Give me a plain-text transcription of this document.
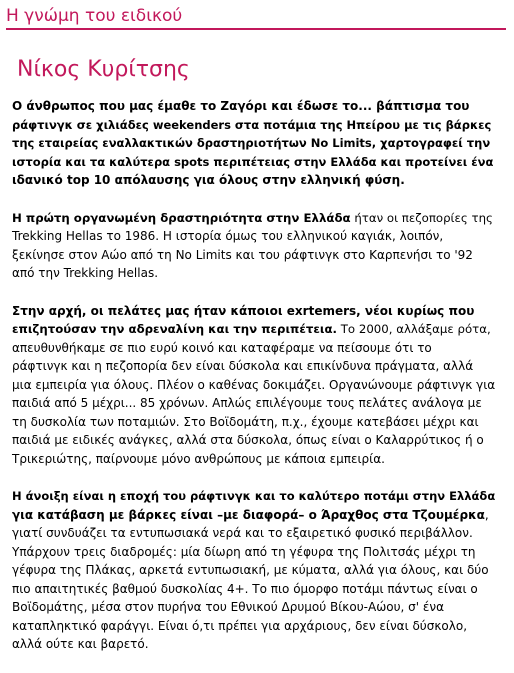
Η γνώμη του ειδικού
Νίκος Κυρίτσης

Ο άνθρωπος που μας έμαθε το Ζαγόρι και έδωσε το... βάπτισμα του
ράφτινγκ σε χιλιάδες weekenders στα ποτάμια της Ηπείρου με τις βάρκες
της εταιρείας εναλλακτικών δραστηριοτήτων No Limits, χαρτογραφεί την
ιστορία και τα καλύτερα spots περιπέτειας στην Ελλάδα και προτείνει ένα
ιδανικό top 10 απόλαυσης για όλους στην ελληνική φύση.

Η πρώτη οργανωμένη δραστηριότητα στην Ελλάδα ήταν οι πεζοπορίες της
Trekking Hellas το 1986. Η ιστορία όμως του ελληνικού καγιάκ, λοιπόν,
ξεκίνησε στον Αώο από τη No Limits και του ράφτινγκ στο Καρπενήσι το '92
από την Trekking Hellas.

Στην αρχή, οι πελάτες μας ήταν κάποιοι exrtemers, νέοι κυρίως που
επιζητούσαν την αδρεναλίνη και την περιπέτεια. Το 2000, αλλάξαμε ρότα,
απευθυνθήκαμε σε πιο ευρύ κοινό και καταφέραμε να πείσουμε ότι το
ράφτινγκ και η πεζοπορία δεν είναι δύσκολα και επικίνδυνα πράγματα, αλλά
μια εμπειρία για όλους. Πλέον ο καθένας δοκιμάζει. Οργανώνουμε ράφτινγκ για
παιδιά από 5 μέχρι... 85 χρόνων. Απλώς επιλέγουμε τους πελάτες ανάλογα με
τη δυσκολία των ποταμιών. Στο Βοϊδομάτη, π.χ., έχουμε κατεβάσει μέχρι και
παιδιά με ειδικές ανάγκες, αλλά στα δύσκολα, όπως είναι ο Καλαρρύτικος ή ο
Τρικεριώτης, παίρνουμε μόνο ανθρώπους με κάποια εμπειρία.

Η άνοιξη είναι η εποχή του ράφτινγκ και το καλύτερο ποτάμι στην Ελλάδα
για κατάβαση με βάρκες είναι –με διαφορά– ο Άραχθος στα Τζουμέρκα,
γιατί συνδυάζει τα εντυπωσιακά νερά και το εξαιρετικό φυσικό περιβάλλον.
Υπάρχουν τρεις διαδρομές: μία δίωρη από τη γέφυρα της Πολιτσάς μέχρι τη
γέφυρα της Πλάκας, αρκετά εντυπωσιακή, με κύματα, αλλά για όλους, και δύο
πιο απαιτητικές βαθμού δυσκολίας 4+. Το πιο όμορφο ποτάμι πάντως είναι ο
Βοϊδομάτης, μέσα στον πυρήνα του Εθνικού Δρυμού Βίκου-Αώου, σ' ένα
καταπληκτικό φαράγγι. Είναι ό,τι πρέπει για αρχάριους, δεν είναι δύσκολο,
αλλά ούτε και βαρετό.
